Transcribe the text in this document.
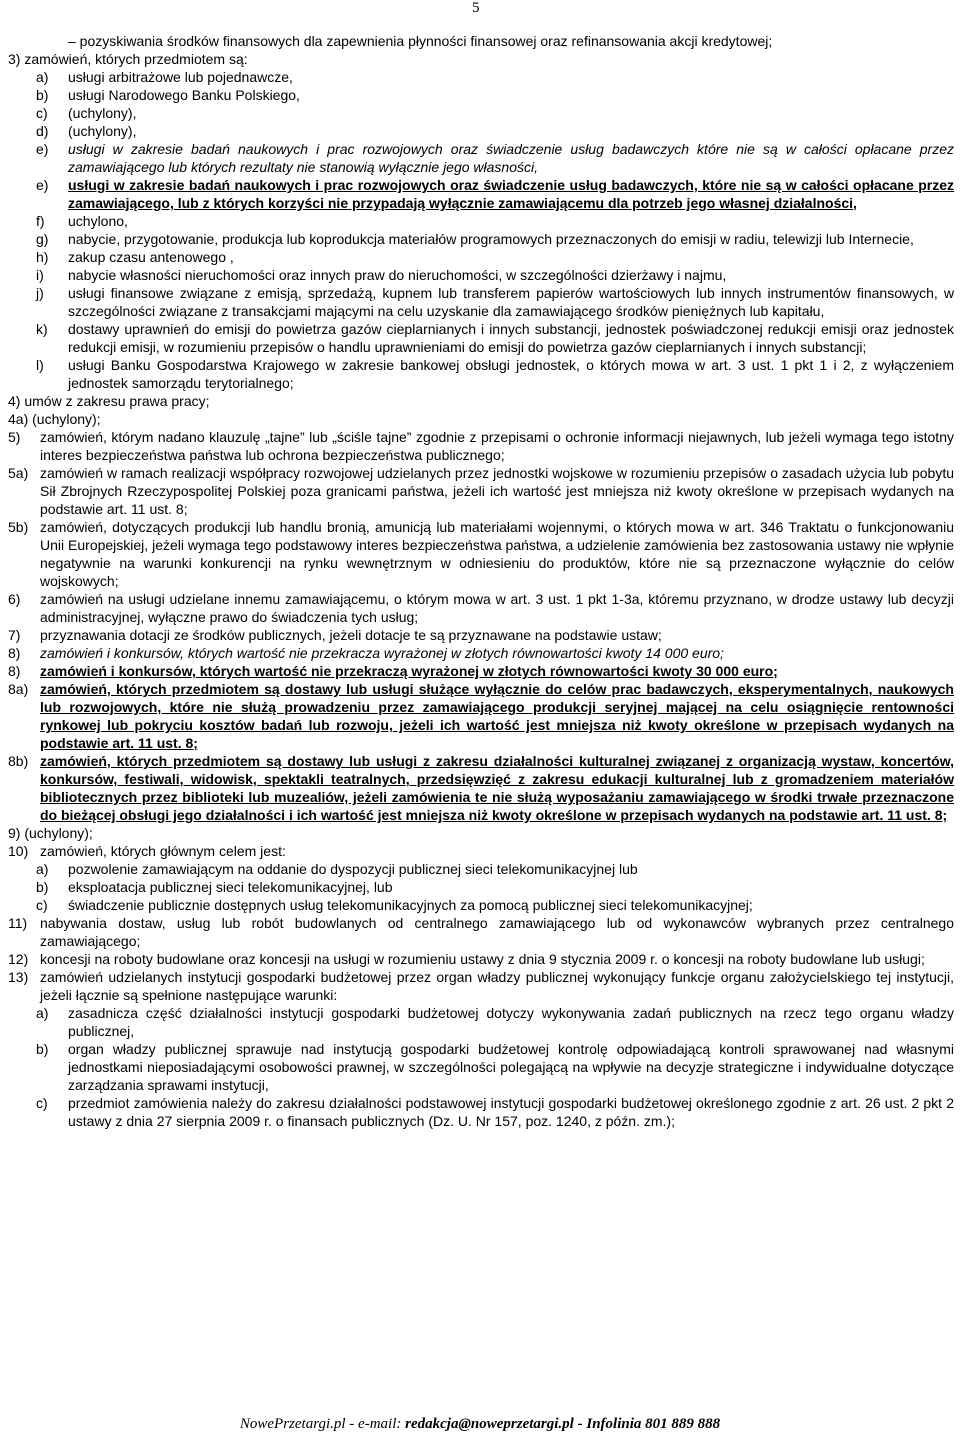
5
– pozyskiwania środków finansowych dla zapewnienia płynności finansowej oraz refinansowania akcji kredytowej;
3) zamówień, których przedmiotem są:
a) usługi arbitrażowe lub pojednawcze,
b) usługi Narodowego Banku Polskiego,
c) (uchylony),
d) (uchylony),
e) usługi w zakresie badań naukowych i prac rozwojowych oraz świadczenie usług badawczych które nie są w całości opłacane przez zamawiającego lub których rezultaty nie stanowią wyłącznie jego własności,
e) usługi w zakresie badań naukowych i prac rozwojowych oraz świadczenie usług badawczych, które nie są w całości opłacane przez zamawiającego, lub z których korzyści nie przypadają wyłącznie zamawiającemu dla potrzeb jego własnej działalności,
f) uchylono,
g) nabycie, przygotowanie, produkcja lub koprodukcja materiałów programowych przeznaczonych do emisji w radiu, telewizji lub Internecie,
h) zakup czasu antenowego ,
i) nabycie własności nieruchomości oraz innych praw do nieruchomości, w szczególności dzierżawy i najmu,
j) usługi finansowe związane z emisją, sprzedażą, kupnem lub transferem papierów wartościowych lub innych instrumentów finansowych, w szczególności związane z transakcjami mającymi na celu uzyskanie dla zamawiającego środków pieniężnych lub kapitału,
k) dostawy uprawnień do emisji do powietrza gazów cieplarnianych i innych substancji, jednostek poświadczonej redukcji emisji oraz jednostek redukcji emisji, w rozumieniu przepisów o handlu uprawnieniami do emisji do powietrza gazów cieplarnianych i innych substancji;
l) usługi Banku Gospodarstwa Krajowego w zakresie bankowej obsługi jednostek, o których mowa w art. 3 ust. 1 pkt 1 i 2, z wyłączeniem jednostek samorządu terytorialnego;
4) umów z zakresu prawa pracy;
4a) (uchylony);
5) zamówień, którym nadano klauzulę „tajne” lub „ściśle tajne” zgodnie z przepisami o ochronie informacji niejawnych, lub jeżeli wymaga tego istotny interes bezpieczeństwa państwa lub ochrona bezpieczeństwa publicznego;
5a) zamówień w ramach realizacji współpracy rozwojowej udzielanych przez jednostki wojskowe w rozumieniu przepisów o zasadach użycia lub pobytu Sił Zbrojnych Rzeczypospolitej Polskiej poza granicami państwa, jeżeli ich wartość jest mniejsza niż kwoty określone w przepisach wydanych na podstawie art. 11 ust. 8;
5b) zamówień, dotyczących produkcji lub handlu bronią, amunicją lub materiałami wojennymi, o których mowa w art. 346 Traktatu o funkcjonowaniu Unii Europejskiej, jeżeli wymaga tego podstawowy interes bezpieczeństwa państwa, a udzielenie zamówienia bez zastosowania ustawy nie wpłynie negatywnie na warunki konkurencji na rynku wewnętrznym w odniesieniu do produktów, które nie są przeznaczone wyłącznie do celów wojskowych;
6) zamówień na usługi udzielane innemu zamawiającemu, o którym mowa w art. 3 ust. 1 pkt 1-3a, któremu przyznano, w drodze ustawy lub decyzji administracyjnej, wyłączne prawo do świadczenia tych usług;
7) przyznawania dotacji ze środków publicznych, jeżeli dotacje te są przyznawane na podstawie ustaw;
8) zamówień i konkursów, których wartość nie przekracza wyrażonej w złotych równowartości kwoty 14 000 euro;
8) zamówień i konkursów, których wartość nie przekraczą wyrażonej w złotych równowartości kwoty 30 000 euro;
8a) zamówień, których przedmiotem są dostawy lub usługi służące wyłącznie do celów prac badawczych, eksperymentalnych, naukowych lub rozwojowych, które nie służą prowadzeniu przez zamawiającego produkcji seryjnej mającej na celu osiągnięcie rentowności rynkowej lub pokryciu kosztów badań lub rozwoju, jeżeli ich wartość jest mniejsza niż kwoty określone w przepisach wydanych na podstawie art. 11 ust. 8;
8b) zamówień, których przedmiotem są dostawy lub usługi z zakresu działalności kulturalnej związanej z organizacją wystaw, koncertów, konkursów, festiwali, widowisk, spektakli teatralnych, przedsięwzięć z zakresu edukacji kulturalnej lub z gromadzeniem materiałów bibliotecznych przez biblioteki lub muzealiów, jeżeli zamówienia te nie służą wyposażaniu zamawiającego w środki trwałe przeznaczone do bieżącej obsługi jego działalności i ich wartość jest mniejsza niż kwoty określone w przepisach wydanych na podstawie art. 11 ust. 8;
9) (uchylony);
10) zamówień, których głównym celem jest:
a) pozwolenie zamawiającym na oddanie do dyspozycji publicznej sieci telekomunikacyjnej lub
b) eksploatacja publicznej sieci telekomunikacyjnej, lub
c) świadczenie publicznie dostępnych usług telekomunikacyjnych za pomocą publicznej sieci telekomunikacyjnej;
11) nabywania dostaw, usług lub robót budowlanych od centralnego zamawiającego lub od wykonawców wybranych przez centralnego zamawiającego;
12) koncesji na roboty budowlane oraz koncesji na usługi w rozumieniu ustawy z dnia 9 stycznia 2009 r. o koncesji na roboty budowlane lub usługi;
13) zamówień udzielanych instytucji gospodarki budżetowej przez organ władzy publicznej wykonujący funkcje organu założycielskiego tej instytucji, jeżeli łącznie są spełnione następujące warunki:
a) zasadnicza część działalności instytucji gospodarki budżetowej dotyczy wykonywania zadań publicznych na rzecz tego organu władzy publicznej,
b) organ władzy publicznej sprawuje nad instytucją gospodarki budżetowej kontrolę odpowiadającą kontroli sprawowanej nad własnymi jednostkami nieposiadającymi osobowości prawnej, w szczególności polegającą na wpływie na decyzje strategiczne i indywidualne dotyczące zarządzania sprawami instytucji,
c) przedmiot zamówienia należy do zakresu działalności podstawowej instytucji gospodarki budżetowej określonego zgodnie z art. 26 ust. 2 pkt 2 ustawy z dnia 27 sierpnia 2009 r. o finansach publicznych (Dz. U. Nr 157, poz. 1240, z późn. zm.);
NowePrzetargi.pl - e-mail: redakcja@noweprzetargi.pl - Infolinia 801 889 888
